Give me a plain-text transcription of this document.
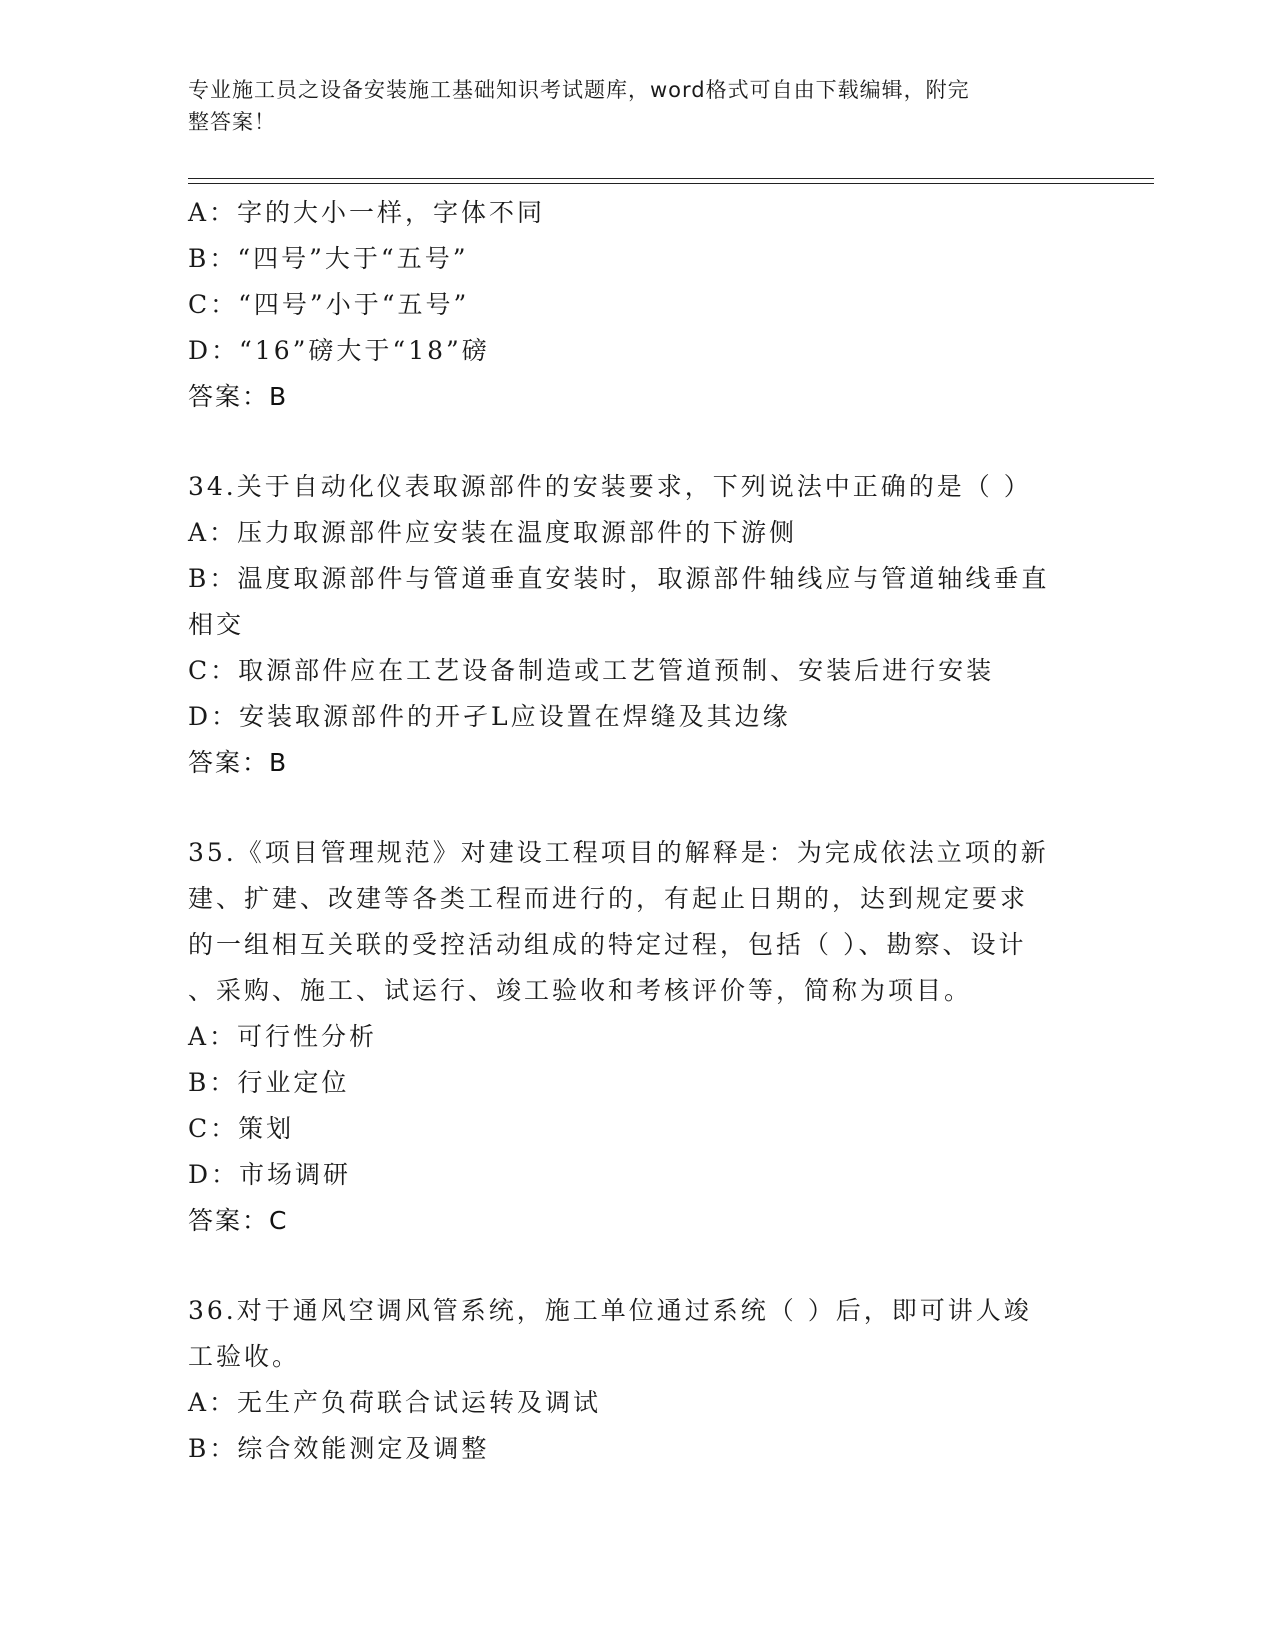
专业施工员之设备安装施工基础知识考试题库，word格式可自由下载编辑，附完
整答案！
A：字的大小一样，字体不同
B：“四号”大于“五号”
C：“四号”小于“五号”
D：“16”磅大于“18”磅
答案：B
34.关于自动化仪表取源部件的安装要求，下列说法中正确的是（ ）
A：压力取源部件应安装在温度取源部件的下游侧
B：温度取源部件与管道垂直安装时，取源部件轴线应与管道轴线垂直
相交
C：取源部件应在工艺设备制造或工艺管道预制、安装后进行安装
D：安装取源部件的开孑L应设置在焊缝及其边缘
答案：B
35.《项目管理规范》对建设工程项目的解释是：为完成依法立项的新
建、扩建、改建等各类工程而进行的，有起止日期的，达到规定要求
的一组相互关联的受控活动组成的特定过程，包括（ ）、勘察、设计
、采购、施工、试运行、竣工验收和考核评价等，简称为项目。
A：可行性分析
B：行业定位
C：策划
D：市场调研
答案：C
36.对于通风空调风管系统，施工单位通过系统（ ）后，即可讲人竣
工验收。
A：无生产负荷联合试运转及调试
B：综合效能测定及调整
